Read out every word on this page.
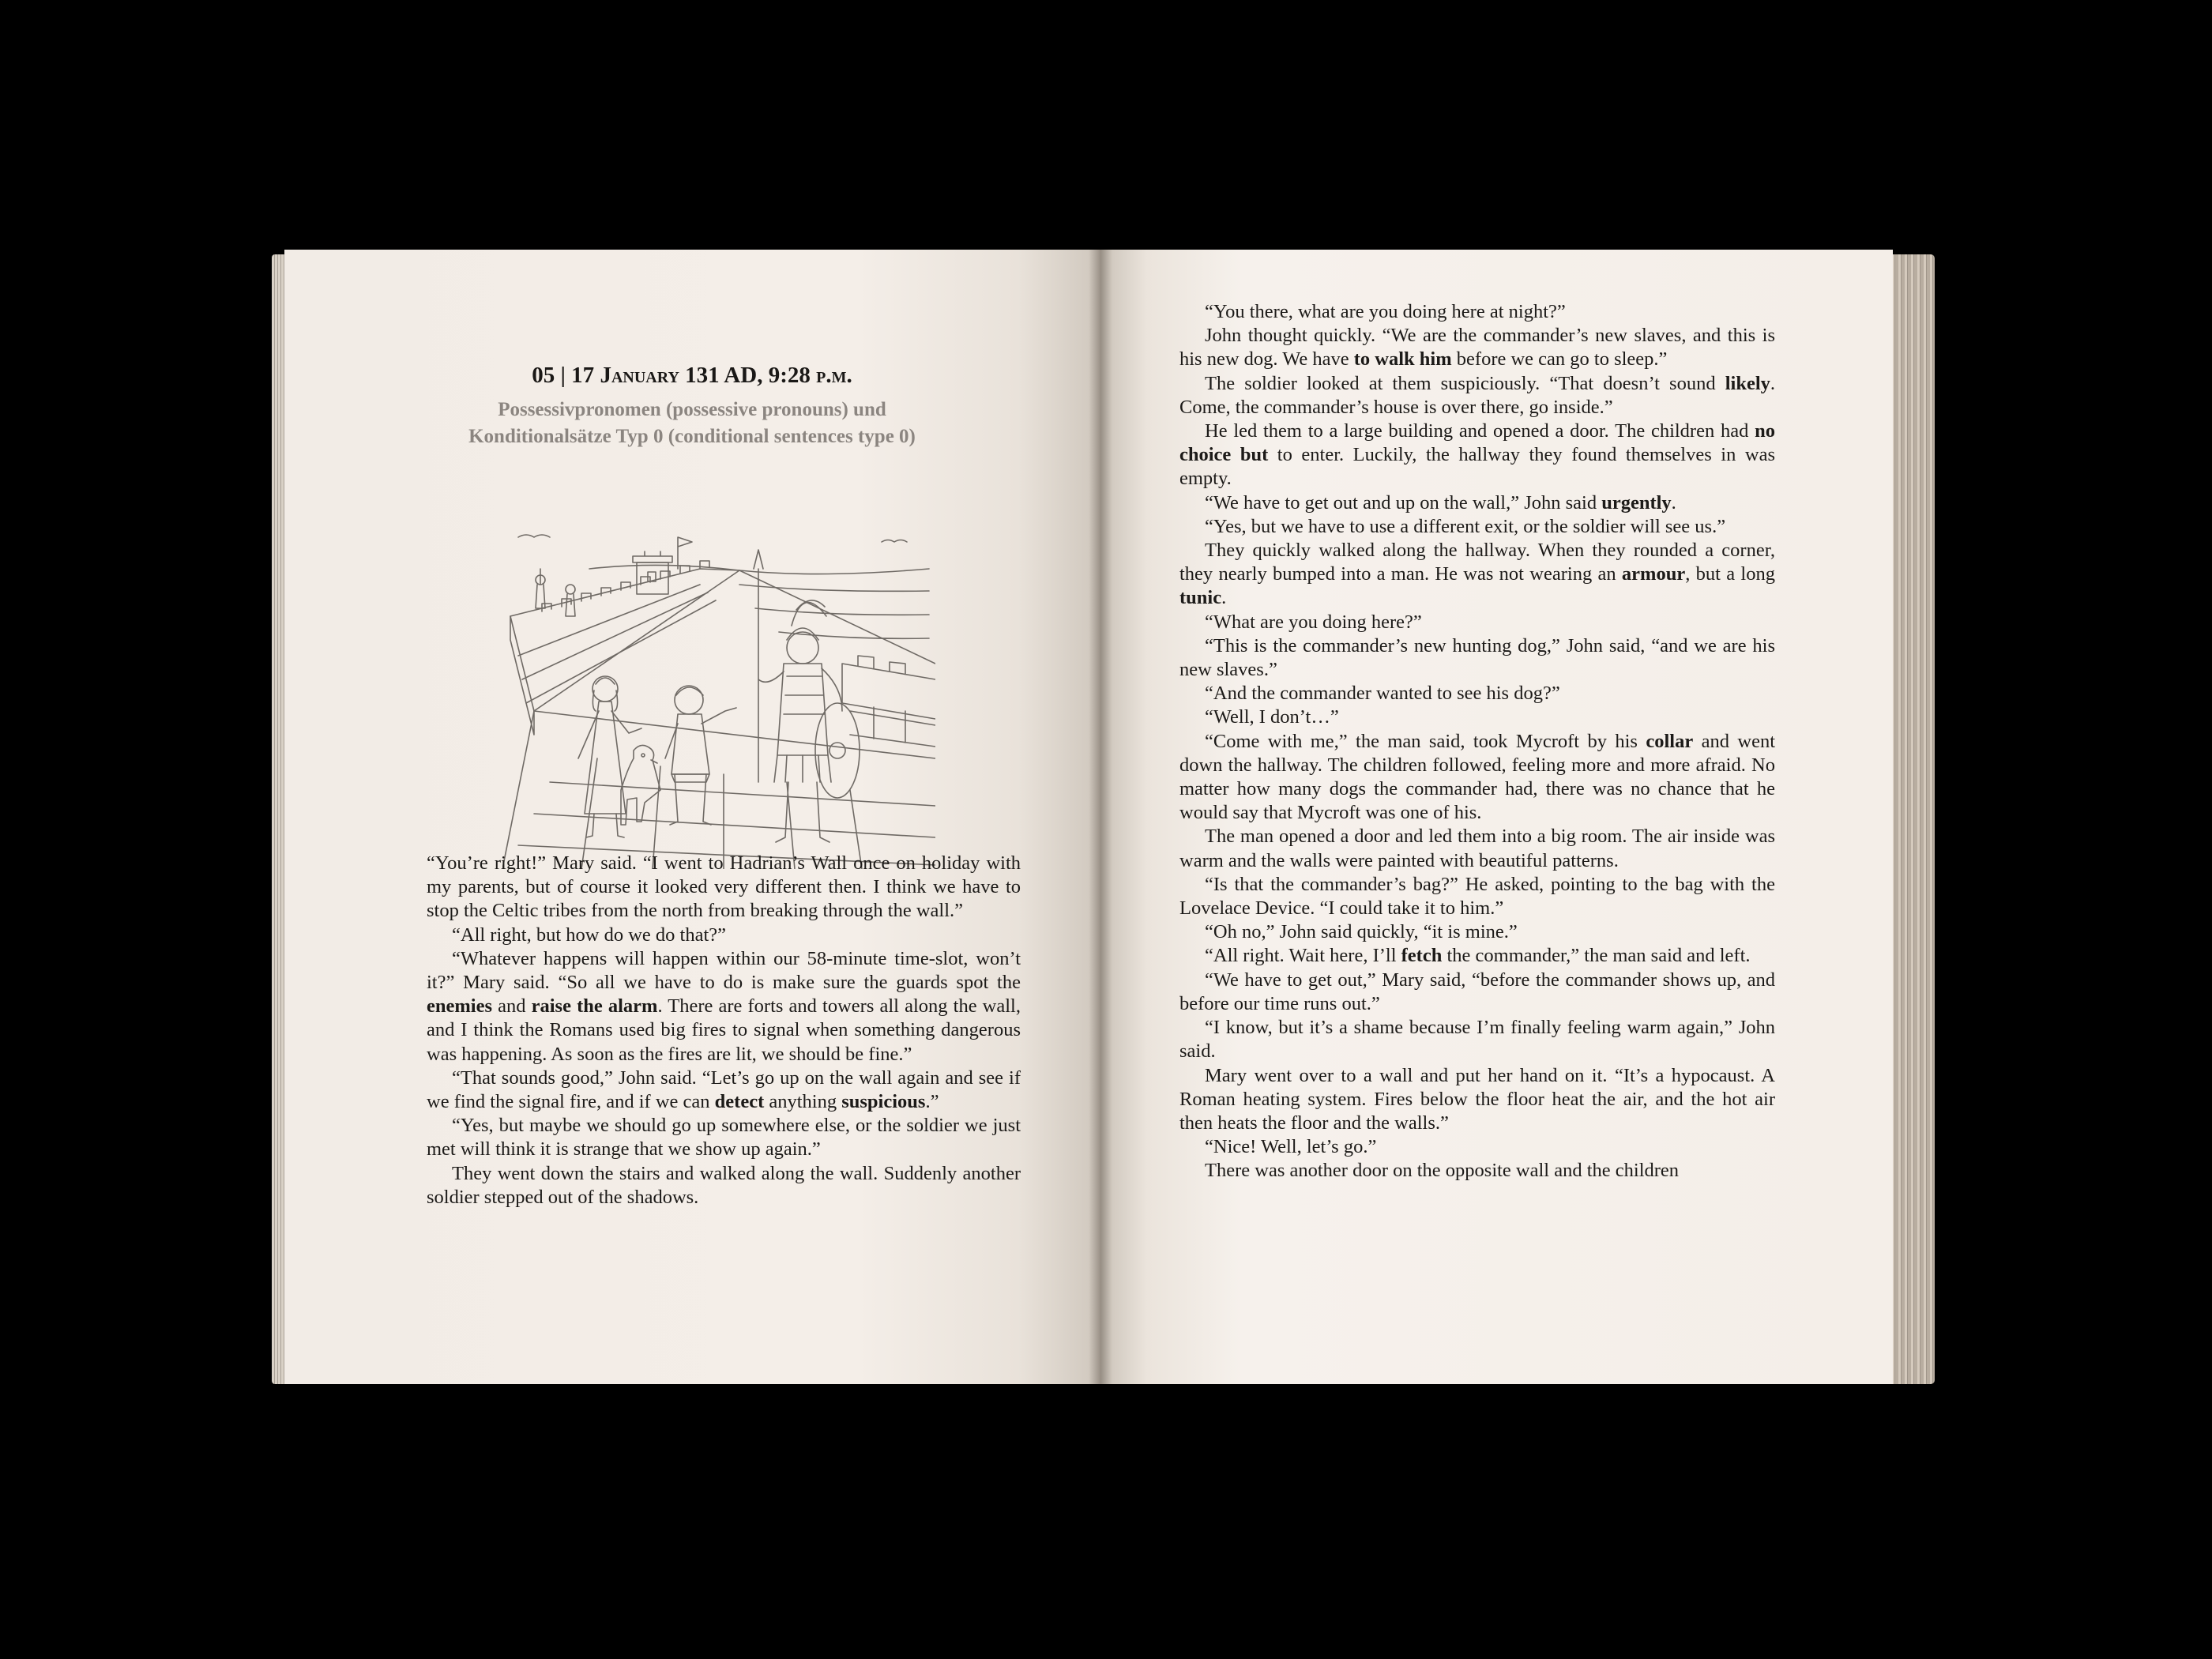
05 | 17 January 131 AD, 9:28 p.m.
Possessivpronomen (possessive pronouns) und
Konditionalsätze Typ 0 (conditional sentences type 0)

“You’re right!” Mary said. “I went to Hadrian’s Wall once on holiday with my parents, but of course it looked very different then. I think we have to stop the Celtic tribes from the north from breaking through the wall.”

“All right, but how do we do that?”

“Whatever happens will happen within our 58-minute time-slot, won’t it?” Mary said. “So all we have to do is make sure the guards spot the enemies and raise the alarm. There are forts and towers all along the wall, and I think the Romans used big fires to signal when something dangerous was happening. As soon as the fires are lit, we should be fine.”

“That sounds good,” John said. “Let’s go up on the wall again and see if we find the signal fire, and if we can detect anything suspicious.”

“Yes, but maybe we should go up somewhere else, or the soldier we just met will think it is strange that we show up again.”

They went down the stairs and walked along the wall. Suddenly another soldier stepped out of the shadows.

“You there, what are you doing here at night?”

John thought quickly. “We are the commander’s new slaves, and this is his new dog. We have to walk him before we can go to sleep.”

The soldier looked at them suspiciously. “That doesn’t sound likely. Come, the commander’s house is over there, go inside.”

He led them to a large building and opened a door. The children had no choice but to enter. Luckily, the hallway they found themselves in was empty.

“We have to get out and up on the wall,” John said urgently.

“Yes, but we have to use a different exit, or the soldier will see us.”

They quickly walked along the hallway. When they rounded a corner, they nearly bumped into a man. He was not wearing an armour, but a long tunic.

“What are you doing here?”

“This is the commander’s new hunting dog,” John said, “and we are his new slaves.”

“And the commander wanted to see his dog?”

“Well, I don’t…”

“Come with me,” the man said, took Mycroft by his collar and went down the hallway. The children followed, feeling more and more afraid. No matter how many dogs the commander had, there was no chance that he would say that Mycroft was one of his.

The man opened a door and led them into a big room. The air inside was warm and the walls were painted with beautiful patterns.

“Is that the commander’s bag?” He asked, pointing to the bag with the Lovelace Device. “I could take it to him.”

“Oh no,” John said quickly, “it is mine.”

“All right. Wait here, I’ll fetch the commander,” the man said and left.

“We have to get out,” Mary said, “before the commander shows up, and before our time runs out.”

“I know, but it’s a shame because I’m finally feeling warm again,” John said.

Mary went over to a wall and put her hand on it. “It’s a hypocaust. A Roman heating system. Fires below the floor heat the air, and the hot air then heats the floor and the walls.”

“Nice! Well, let’s go.”

There was another door on the opposite wall and the children
